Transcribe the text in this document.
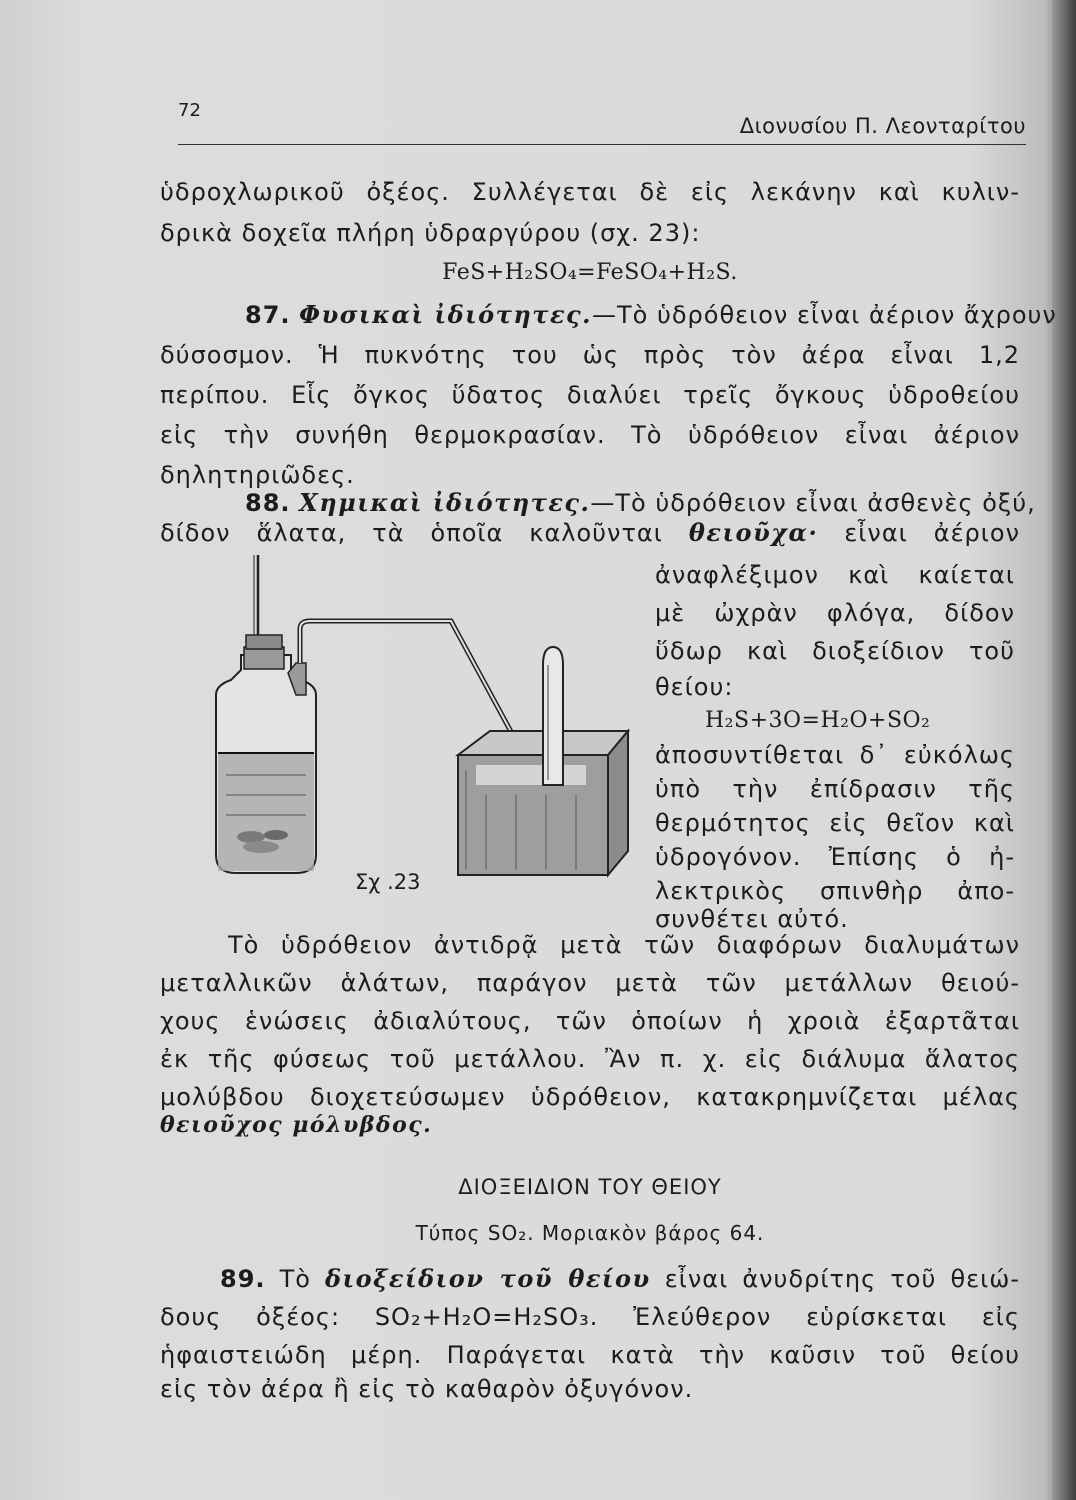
72
Διονυσίου Π. Λεονταρίτου
ὑδροχλωρικοῦ ὀξέος. Συλλέγεται δὲ εἰς λεκάνην καὶ κυλιν-
δρικὰ δοχεῖα πλήρη ὑδραργύρου (σχ. 23):
FeS+H₂SO₄=FeSO₄+H₂S.
87. Φυσικαὶ ἰδιότητες.—Τὸ ὑδρόθειον εἶναι ἀέριον ἄχρουν
δύσοσμον. Ἡ πυκνότης του ὡς πρὸς τὸν ἀέρα εἶναι 1,2
περίπου. Εἷς ὄγκος ὕδατος διαλύει τρεῖς ὄγκους ὑδροθείου
εἰς τὴν συνήθη θερμοκρασίαν. Τὸ ὑδρόθειον εἶναι ἀέριον
δηλητηριῶδες.
88. Χημικαὶ ἰδιότητες.—Τὸ ὑδρόθειον εἶναι ἀσθενὲς ὀξύ,
δίδον ἅλατα, τὰ ὁποῖα καλοῦνται θειοῦχα· εἶναι ἀέριον
ἀναφλέξιμον καὶ καίεται
μὲ ὠχρὰν φλόγα, δίδον
ὕδωρ καὶ διοξείδιον τοῦ
θείου:
H₂S+3O=H₂O+SO₂
ἀποσυντίθεται δ᾽ εὐκόλως
ὑπὸ τὴν ἐπίδρασιν τῆς
θερμότητος εἰς θεῖον καὶ
ὑδρογόνον. Ἐπίσης ὁ ἠ-
λεκτρικὸς σπινθὴρ ἀπο-
συνθέτει αὐτό.
Σχ .23
Τὸ ὑδρόθειον ἀντιδρᾷ μετὰ τῶν διαφόρων διαλυμάτων
μεταλλικῶν ἁλάτων, παράγον μετὰ τῶν μετάλλων θειού-
χους ἑνώσεις ἀδιαλύτους, τῶν ὁποίων ἡ χροιὰ ἐξαρτᾶται
ἐκ τῆς φύσεως τοῦ μετάλλου. Ἂν π. χ. εἰς διάλυμα ἅλατος
μολύβδου διοχετεύσωμεν ὑδρόθειον, κατακρημνίζεται μέλας
θειοῦχος μόλυβδος.
ΔΙΟΞΕΙΔΙΟΝ ΤΟΥ ΘΕΙΟΥ
Τύπος SO₂. Μοριακὸν βάρος 64.
89. Τὸ διοξείδιον τοῦ θείου εἶναι ἀνυδρίτης τοῦ θειώ-
δους ὀξέος: SO₂+H₂O=H₂SO₃. Ἐλεύθερον εὑρίσκεται εἰς
ἡφαιστειώδη μέρη. Παράγεται κατὰ τὴν καῦσιν τοῦ θείου
εἰς τὸν ἀέρα ἢ εἰς τὸ καθαρὸν ὀξυγόνον.
